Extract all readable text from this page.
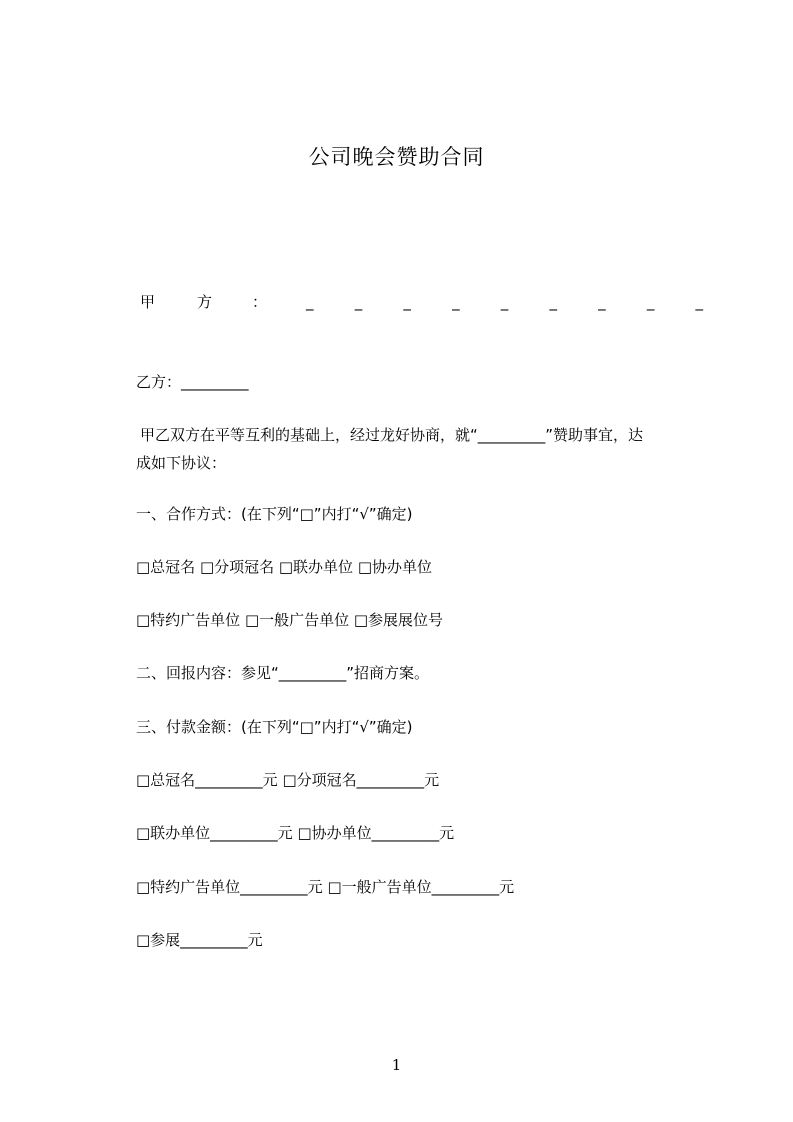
公司晚会赞助合同
甲	方	：	_	_	_	_	_	_	_	_	_
乙方：_________
甲乙双方在平等互利的基础上，经过龙好协商，就“_________”赞助事宜，达
成如下协议：
一、合作方式：(在下列“□”内打“√”确定)
□总冠名 □分项冠名 □联办单位 □协办单位
□特约广告单位 □一般广告单位 □参展展位号
二、回报内容：参见“_________”招商方案。
三、付款金额：(在下列“□”内打“√”确定)
□总冠名_________元 □分项冠名_________元
□联办单位_________元 □协办单位_________元
□特约广告单位_________元 □一般广告单位_________元
□参展_________元
1
